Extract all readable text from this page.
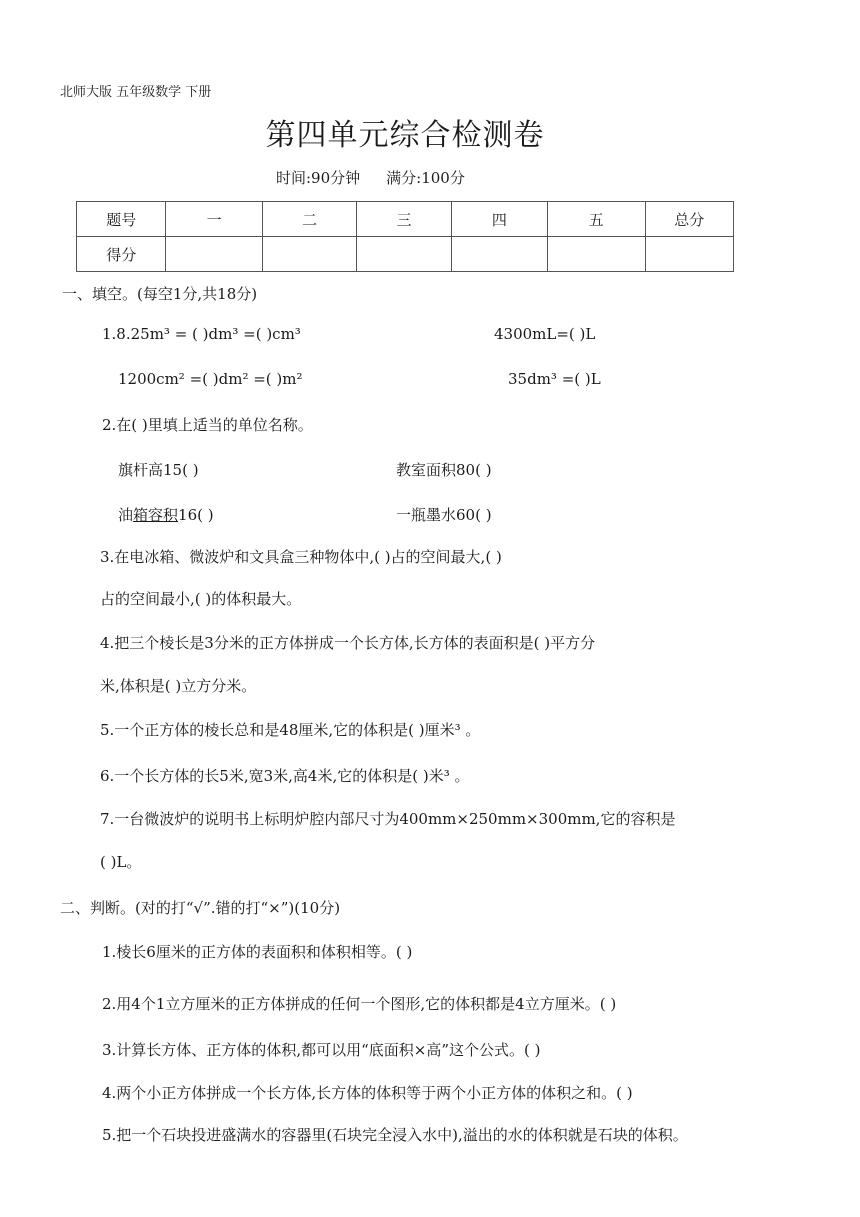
北师大版 五年级数学 下册
第四单元综合检测卷
时间:90分钟 满分:100分
题号	一	二	三	四	五	总分
得分						
一、填空。(每空1分,共18分)
1.8.25m³ = ( )dm³ =( )cm³	4300mL=( )L
1200cm² =( )dm² =( )m²	35dm³ =( )L
2.在( )里填上适当的单位名称。
旗杆高15( )	教室面积80( )
油箱容积16( )	一瓶墨水60( )
3.在电冰箱、微波炉和文具盒三种物体中,( )占的空间最大,( )
占的空间最小,( )的体积最大。
4.把三个棱长是3分米的正方体拼成一个长方体,长方体的表面积是( )平方分
米,体积是( )立方分米。
5.一个正方体的棱长总和是48厘米,它的体积是( )厘米³ 。
6.一个长方体的长5米,宽3米,高4米,它的体积是( )米³ 。
7.一台微波炉的说明书上标明炉腔内部尺寸为400mm×250mm×300mm,它的容积是
( )L。
二、判断。(对的打“√”.错的打“×”)(10分)
1.棱长6厘米的正方体的表面积和体积相等。( )
2.用4个1立方厘米的正方体拼成的任何一个图形,它的体积都是4立方厘米。( )
3.计算长方体、正方体的体积,都可以用“底面积×高”这个公式。( )
4.两个小正方体拼成一个长方体,长方体的体积等于两个小正方体的体积之和。( )
5.把一个石块投进盛满水的容器里(石块完全浸入水中),溢出的水的体积就是石块的体积。
